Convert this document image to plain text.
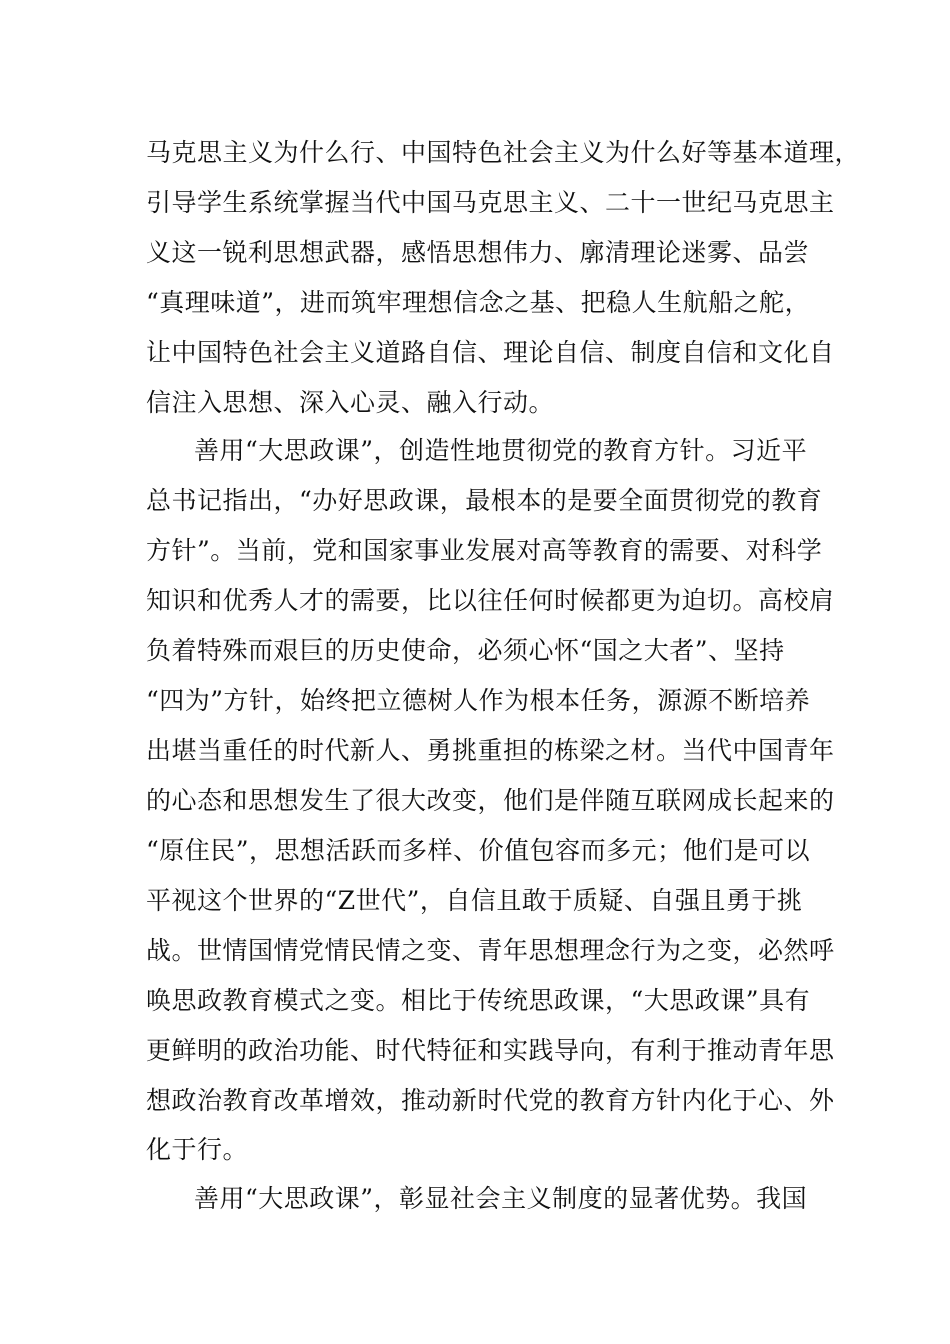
马克思主义为什么行、中国特色社会主义为什么好等基本道理，
引导学生系统掌握当代中国马克思主义、二十一世纪马克思主
义这一锐利思想武器，感悟思想伟力、廓清理论迷雾、品尝
“真理味道”，进而筑牢理想信念之基、把稳人生航船之舵，
让中国特色社会主义道路自信、理论自信、制度自信和文化自
信注入思想、深入心灵、融入行动。
善用“大思政课”，创造性地贯彻党的教育方针。习近平
总书记指出，“办好思政课，最根本的是要全面贯彻党的教育
方针”。当前，党和国家事业发展对高等教育的需要、对科学
知识和优秀人才的需要，比以往任何时候都更为迫切。高校肩
负着特殊而艰巨的历史使命，必须心怀“国之大者”、坚持
“四为”方针，始终把立德树人作为根本任务，源源不断培养
出堪当重任的时代新人、勇挑重担的栋梁之材。当代中国青年
的心态和思想发生了很大改变，他们是伴随互联网成长起来的
“原住民”，思想活跃而多样、价值包容而多元；他们是可以
平视这个世界的“Z世代”，自信且敢于质疑、自强且勇于挑
战。世情国情党情民情之变、青年思想理念行为之变，必然呼
唤思政教育模式之变。相比于传统思政课，“大思政课”具有
更鲜明的政治功能、时代特征和实践导向，有利于推动青年思
想政治教育改革增效，推动新时代党的教育方针内化于心、外
化于行。
善用“大思政课”，彰显社会主义制度的显著优势。我国
